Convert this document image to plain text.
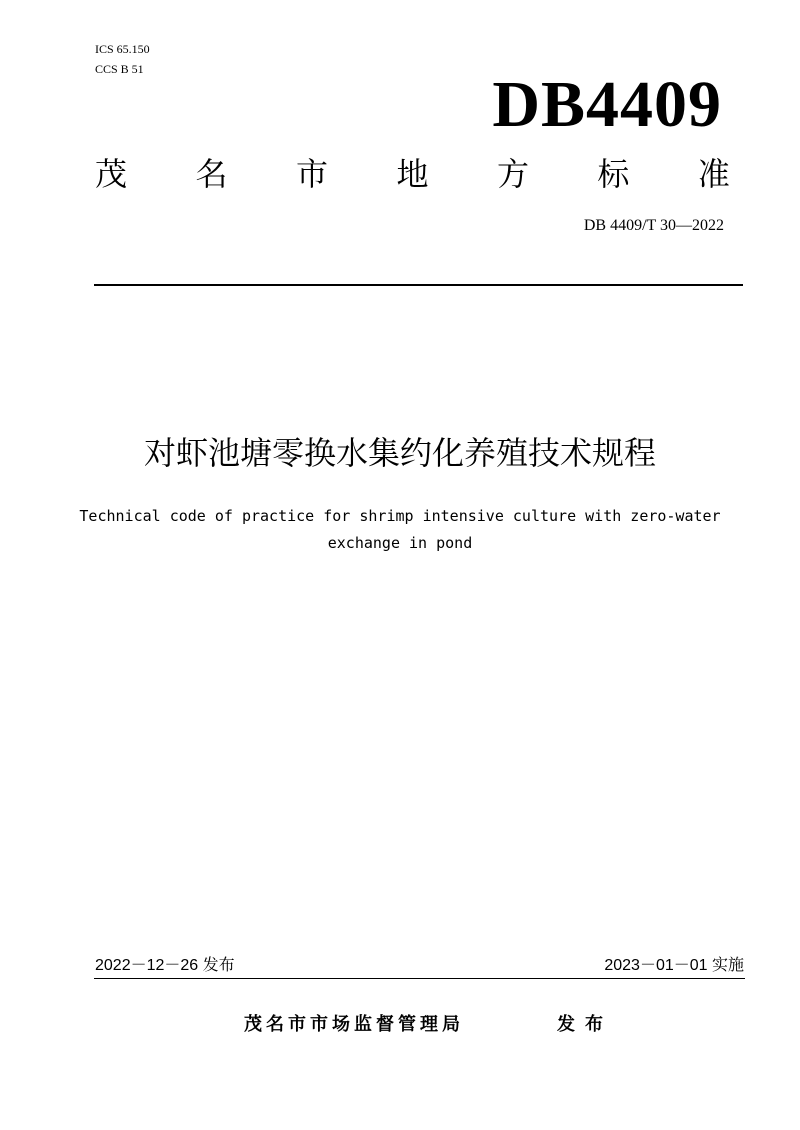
ICS 65.150
CCS B 51	DB4409
茂 名 市 地 方 标 准
DB 4409/T 30—2022
对虾池塘零换水集约化养殖技术规程
Technical code of practice for shrimp intensive culture with zero-water
exchange in pond
2022－12－26 发布	2023－01－01 实施
茂名市市场监督管理局	发布
